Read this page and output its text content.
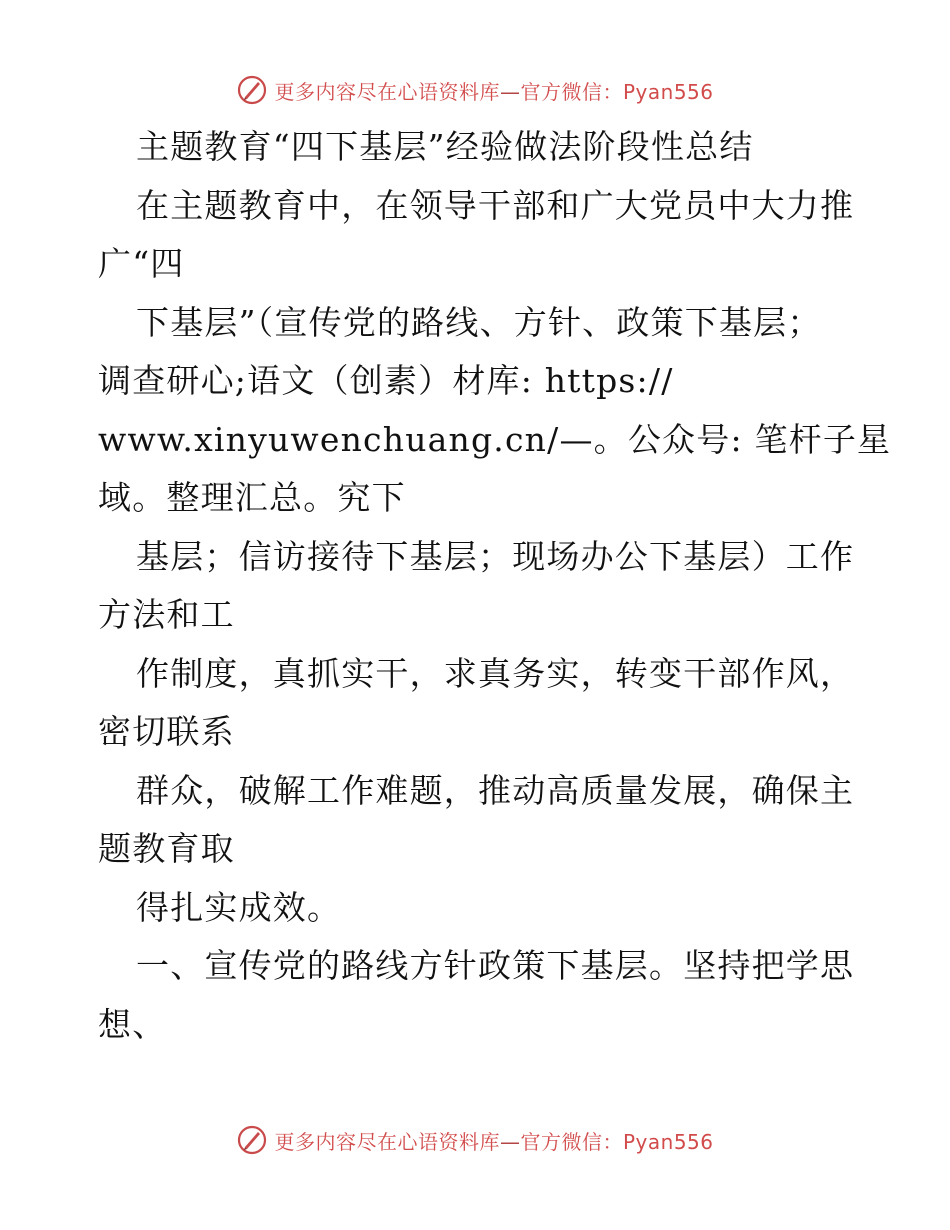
更多内容尽在心语资料库—官方微信：Pyan556
主题教育“四下基层”经验做法阶段性总结
在主题教育中，在领导干部和广大党员中大力推
广“四
下基层”（宣传党的路线、方针、政策下基层；
调查研心;语文（创素）材库: https://
www.xinyuwenchuang.cn/—。公众号: 笔杆子星
域。整理汇总。究下
基层；信访接待下基层；现场办公下基层）工作
方法和工
作制度，真抓实干，求真务实，转变干部作风，
密切联系
群众，破解工作难题，推动高质量发展，确保主
题教育取
得扎实成效。
一、宣传党的路线方针政策下基层。坚持把学思
想、
更多内容尽在心语资料库—官方微信：Pyan556
